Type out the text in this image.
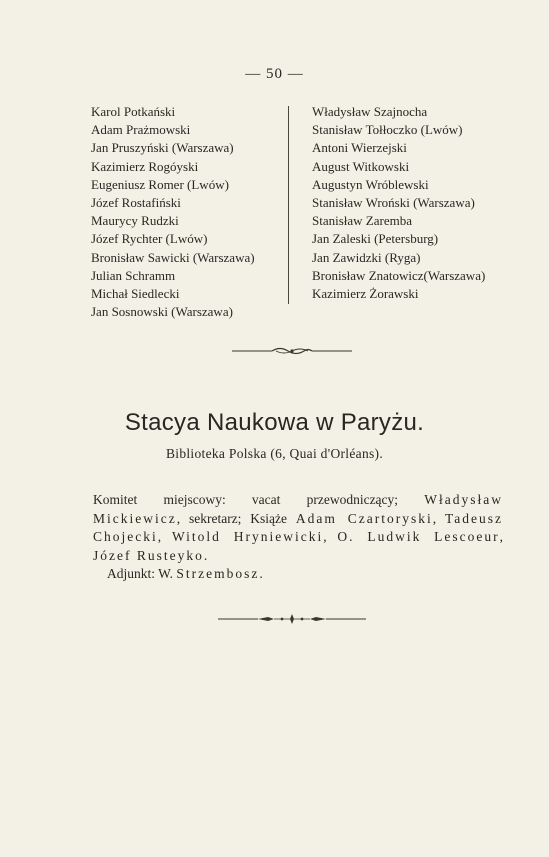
— 50 —
Karol Potkański
Adam Prażmowski
Jan Pruszyński (Warszawa)
Kazimierz Rogóyski
Eugeniusz Romer (Lwów)
Józef Rostafiński
Maurycy Rudzki
Józef Rychter (Lwów)
Bronisław Sawicki (Warszawa)
Julian Schramm
Michał Siedlecki
Jan Sosnowski (Warszawa)
Władysław Szajnocha
Stanisław Tołłoczko (Lwów)
Antoni Wierzejski
August Witkowski
Augustyn Wróblewski
Stanisław Wroński (Warszawa)
Stanisław Zaremba
Jan Zaleski (Petersburg)
Jan Zawidzki (Ryga)
Bronisław Znatowicz(Warszawa)
Kazimierz Żorawski
Stacya Naukowa w Paryżu.
Biblioteka Polska (6, Quai d'Orléans).
Komitet miejscowy: vacat przewodniczący; Władysław
Mickiewicz, sekretarz; Książe Adam Czartoryski, Tadeusz
Chojecki, Witold Hryniewicki, O. Ludwik Lescoeur,
Józef Rusteyko.
Adjunkt: W. Strzembosz.
